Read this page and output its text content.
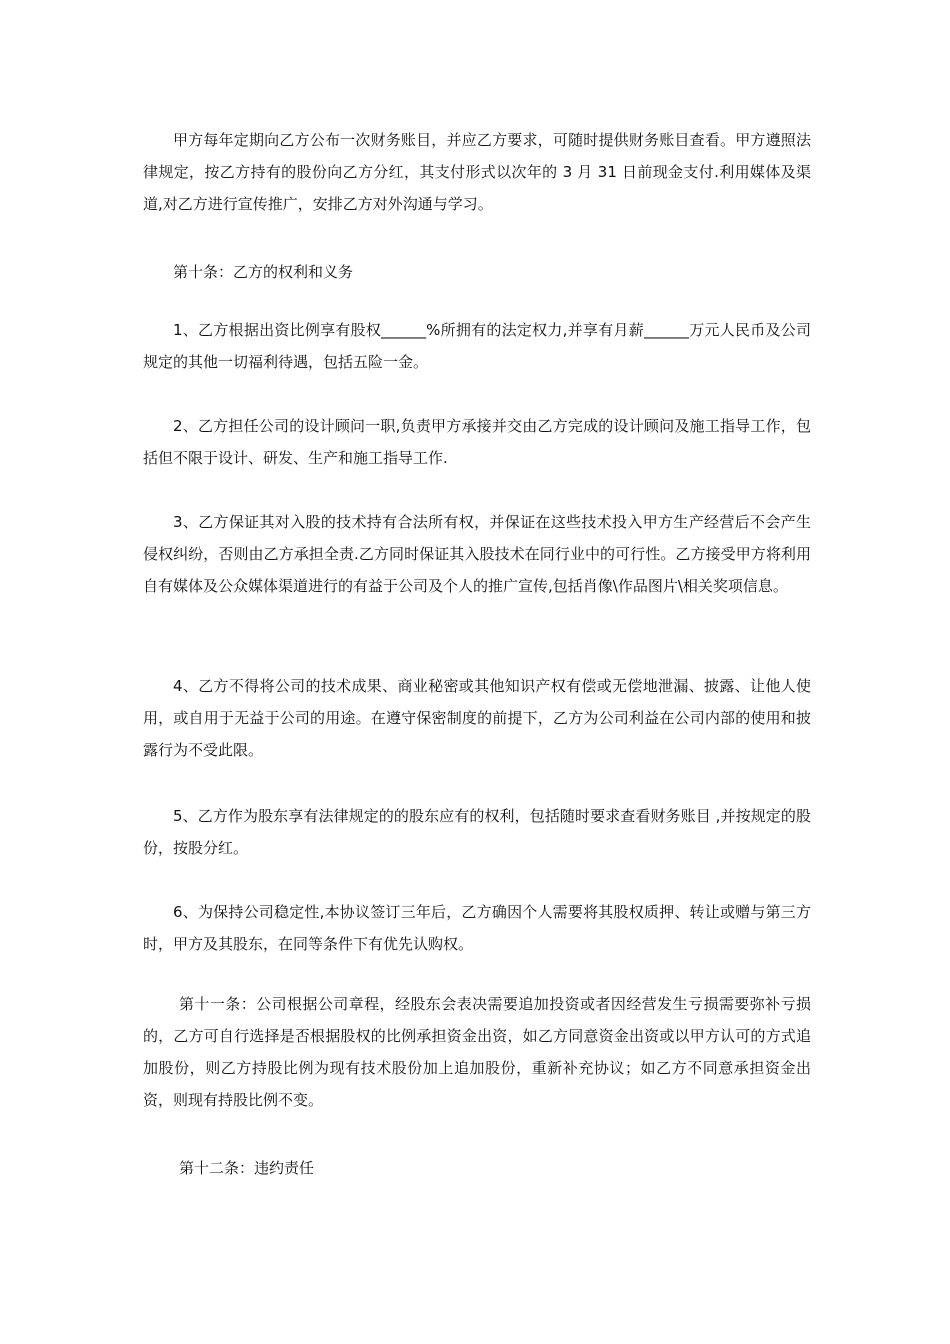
甲方每年定期向乙方公布一次财务账目，并应乙方要求，可随时提供财务账目查看。甲方遵照法律规定，按乙方持有的股份向乙方分红，其支付形式以次年的 3 月 31 日前现金支付.利用媒体及渠道,对乙方进行宣传推广，安排乙方对外沟通与学习。

第十条：乙方的权利和义务

1、乙方根据出资比例享有股权______%所拥有的法定权力,并享有月薪______万元人民币及公司规定的其他一切福利待遇，包括五险一金。

2、乙方担任公司的设计顾问一职,负责甲方承接并交由乙方完成的设计顾问及施工指导工作，包括但不限于设计、研发、生产和施工指导工作.

3、乙方保证其对入股的技术持有合法所有权，并保证在这些技术投入甲方生产经营后不会产生侵权纠纷，否则由乙方承担全责.乙方同时保证其入股技术在同行业中的可行性。乙方接受甲方将利用自有媒体及公众媒体渠道进行的有益于公司及个人的推广宣传,包括肖像\作品图片\相关奖项信息。

4、乙方不得将公司的技术成果、商业秘密或其他知识产权有偿或无偿地泄漏、披露、让他人使用，或自用于无益于公司的用途。在遵守保密制度的前提下，乙方为公司利益在公司内部的使用和披露行为不受此限。

5、乙方作为股东享有法律规定的的股东应有的权利，包括随时要求查看财务账目 ,并按规定的股份，按股分红。

6、为保持公司稳定性,本协议签订三年后，乙方确因个人需要将其股权质押、转让或赠与第三方时，甲方及其股东，在同等条件下有优先认购权。

第十一条：公司根据公司章程，经股东会表决需要追加投资或者因经营发生亏损需要弥补亏损的，乙方可自行选择是否根据股权的比例承担资金出资，如乙方同意资金出资或以甲方认可的方式追加股份，则乙方持股比例为现有技术股份加上追加股份，重新补充协议；如乙方不同意承担资金出资，则现有持股比例不变。

第十二条：违约责任
